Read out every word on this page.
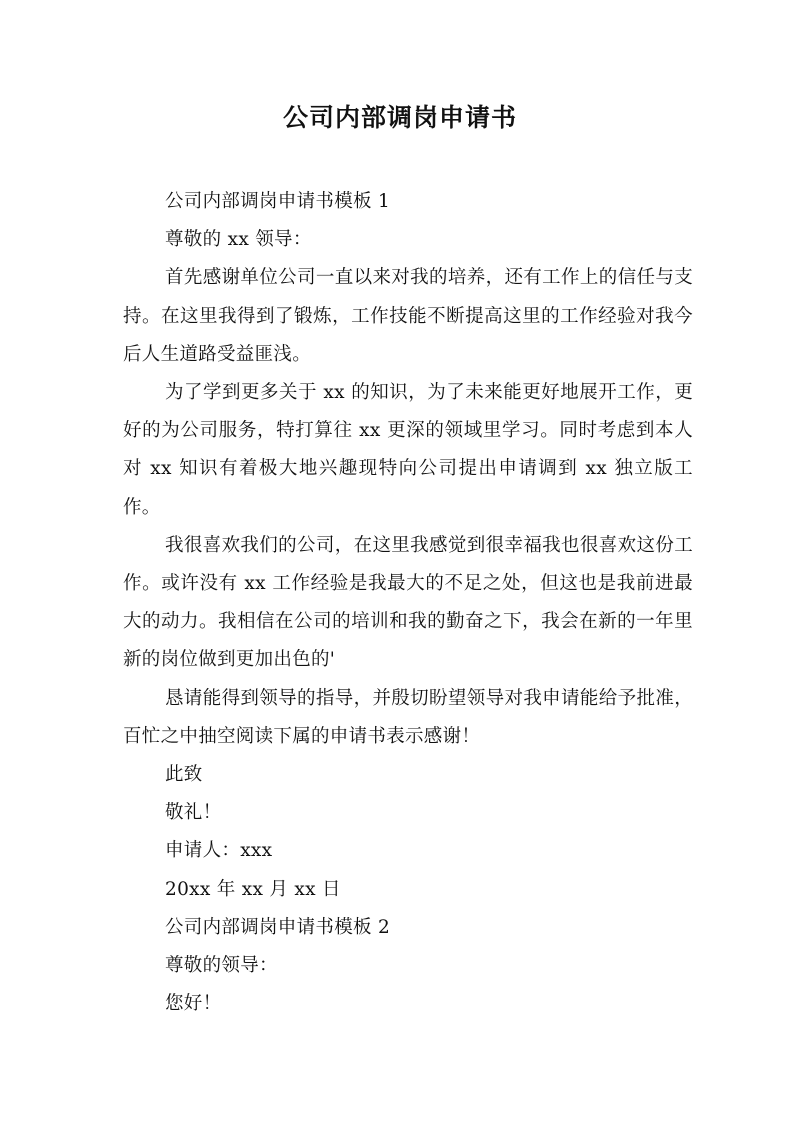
公司内部调岗申请书

公司内部调岗申请书模板 1

尊敬的 xx 领导：

首先感谢单位公司一直以来对我的培养，还有工作上的信任与支持。在这里我得到了锻炼，工作技能不断提高这里的工作经验对我今后人生道路受益匪浅。

为了学到更多关于 xx 的知识，为了未来能更好地展开工作，更好的为公司服务，特打算往 xx 更深的领域里学习。同时考虑到本人对 xx 知识有着极大地兴趣现特向公司提出申请调到 xx 独立版工作。

我很喜欢我们的公司，在这里我感觉到很幸福我也很喜欢这份工作。或许没有 xx 工作经验是我最大的不足之处，但这也是我前进最大的动力。我相信在公司的培训和我的勤奋之下，我会在新的一年里新的岗位做到更加出色的'

恳请能得到领导的指导，并殷切盼望领导对我申请能给予批准，百忙之中抽空阅读下属的申请书表示感谢！

此致

敬礼！

申请人：xxx

20xx 年 xx 月 xx 日

公司内部调岗申请书模板 2

尊敬的领导：

您好！
